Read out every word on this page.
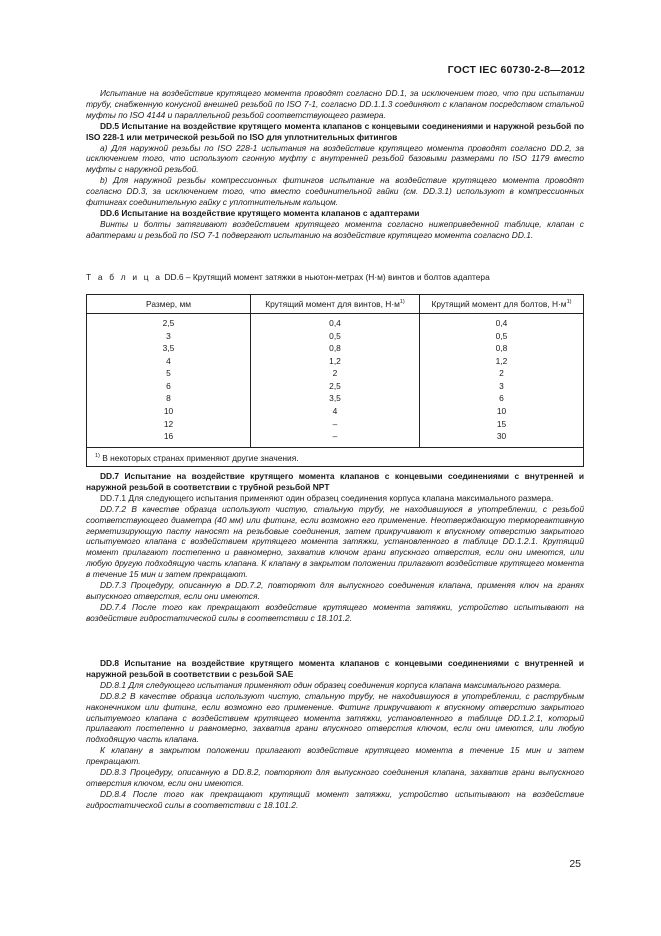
ГОСТ IEC 60730-2-8—2012

Испытание на воздействие крутящего момента проводят согласно DD.1, за исключением того, что при испытании трубу, снабженную конусной внешней резьбой по ISO 7-1, согласно DD.1.1.3 соединяют с клапаном посредством стальной муфты по ISO 4144 и параллельной резьбой соответствующего размера.

DD.5 Испытание на воздействие крутящего момента клапанов с концевыми соединениями и наружной резьбой по ISO 228-1 или метрической резьбой по ISO для уплотнительных фитингов

a) Для наружной резьбы по ISO 228-1 испытания на воздействие крутящего момента проводят согласно DD.2, за исключением того, что используют сгонную муфту с внутренней резьбой базовыми размерами по ISO 1179 вместо муфты с наружной резьбой.

b) Для наружной резьбы компрессионных фитингов испытание на воздействие крутящего момента проводят согласно DD.3, за исключением того, что вместо соединительной гайки (см. DD.3.1) используют в компрессионных фитингах соединительную гайку с уплотнительным кольцом.

DD.6 Испытание на воздействие крутящего момента клапанов с адаптерами

Винты и болты затягивают воздействием крутящего момента согласно нижеприведенной таблице, клапан с адаптерами и резьбой по ISO 7-1 подвергают испытанию на воздействие крутящего момента согласно DD.1.

Т а б л и ц а DD.6 – Крутящий момент затяжки в ньютон-метрах (Н·м) винтов и болтов адаптера
Размер, мм	Крутящий момент для винтов, $Н\cdot м^{1)}$	Крутящий момент для болтов, $Н\cdot м^{1)}$
2,5	0,4	0,4
3	0,5	0,5
3,5	0,8	0,8
4	1,2	1,2
5	2	2
6	2,5	3
8	3,5	6
10	4	10
12	–	15
16	–	30
$^{1)}$ В некоторых странах применяют другие значения.		

DD.7 Испытание на воздействие крутящего момента клапанов с концевыми соединениями с внутренней и наружной резьбой в соответствии с трубной резьбой NPT

DD.7.1 Для следующего испытания применяют один образец соединения корпуса клапана максимального размера.

DD.7.2 В качестве образца используют чистую, стальную трубу, не находившуюся в употреблении, с резьбой соответствующего диаметра (40 мм) или фитинг, если возможно его применение. Неотверждающую термореактивную герметизирующую пасту наносят на резьбовые соединения, затем прикручивают к впускному отверстию закрытого испытуемого клапана с воздействием крутящего момента затяжки, установленного в таблице DD.1.2.1. Крутящий момент прилагают постепенно и равномерно, захватив ключом грани впускного отверстия, если они имеются, или любую другую подходящую часть клапана. К клапану в закрытом положении прилагают воздействие крутящего момента в течение 15 мин и затем прекращают.

DD.7.3 Процедуру, описанную в DD.7.2, повторяют для выпускного соединения клапана, применяя ключ на гранях выпускного отверстия, если они имеются.

DD.7.4 После того как прекращают воздействие крутящего момента затяжки, устройство испытывают на воздействие гидростатической силы в соответствии с 18.101.2.

DD.8 Испытание на воздействие крутящего момента клапанов с концевыми соединениями с внутренней и наружной резьбой в соответствии с резьбой SAE

DD.8.1 Для следующего испытания применяют один образец соединения корпуса клапана максимального размера.

DD.8.2 В качестве образца используют чистую, стальную трубу, не находившуюся в употреблении, с раструбным наконечником или фитинг, если возможно его применение. Фитинг прикручивают к впускному отверстию закрытого испытуемого клапана с воздействием крутящего момента затяжки, установленного в таблице DD.1.2.1, который прилагают постепенно и равномерно, захватив грани впускного отверстия ключом, если они имеются, или любую подходящую часть клапана.

К клапану в закрытом положении прилагают воздействие крутящего момента в течение 15 мин и затем прекращают.

DD.8.3 Процедуру, описанную в DD.8.2, повторяют для выпускного соединения клапана, захватив грани выпускного отверстия ключом, если они имеются.

DD.8.4 После того как прекращают крутящий момент затяжки, устройство испытывают на воздействие гидростатической силы в соответствии с 18.101.2.

25
